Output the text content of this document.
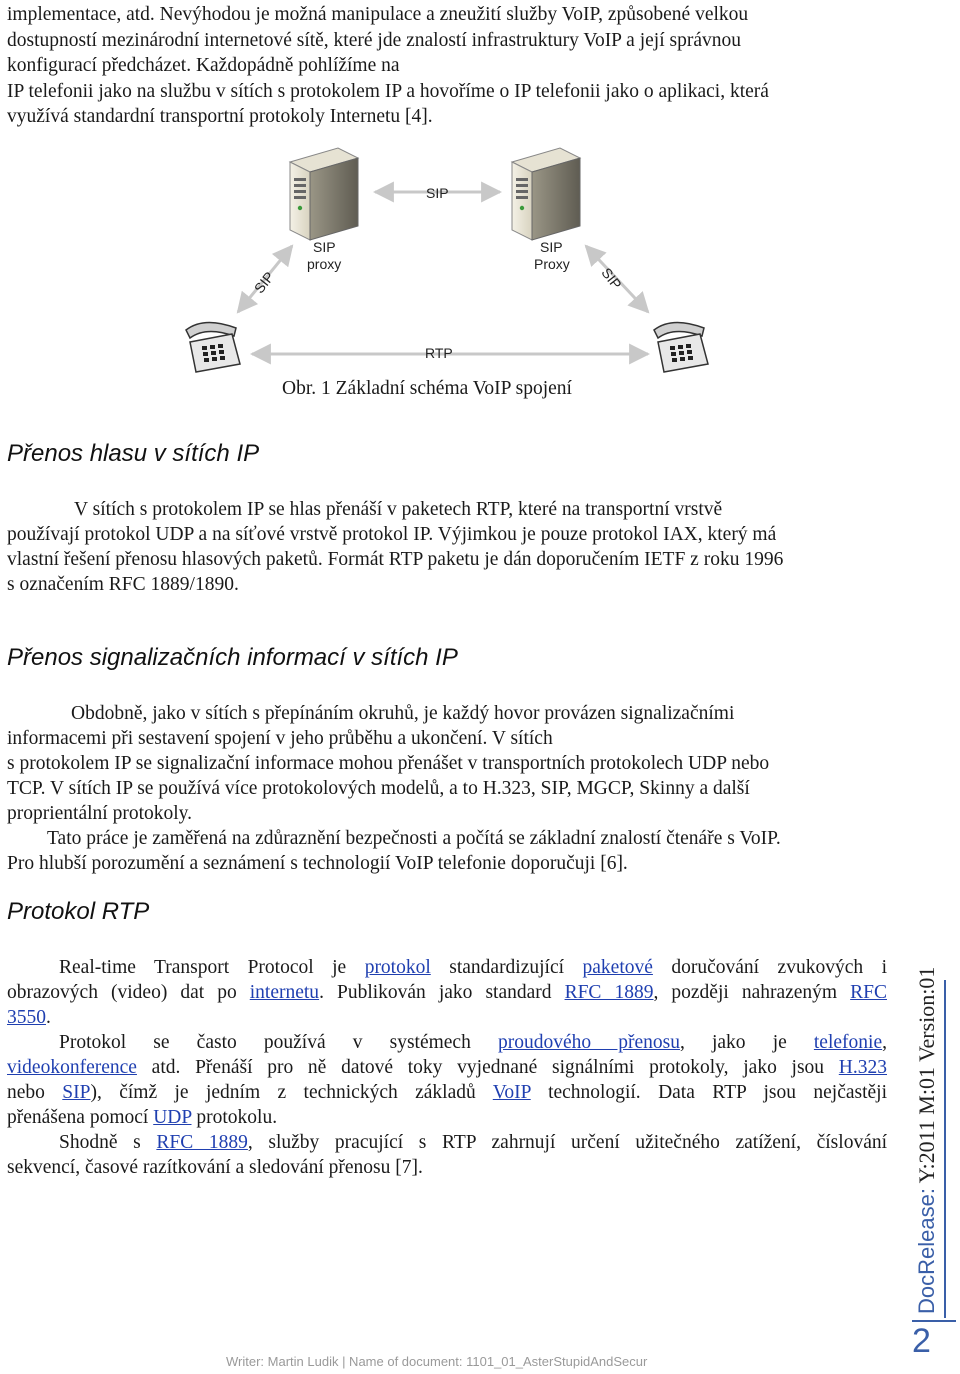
implementace, atd. Nevýhodou je možná manipulace a zneužití služby VoIP, způsobené velkou
dostupností mezinárodní internetové sítě, které jde znalostí infrastruktury VoIP a její správnou
konfigurací předcházet. Každopádně pohlížíme na
IP telefonii jako na službu v sítích s protokolem IP a hovoříme o IP telefonii jako o aplikaci, která
využívá standardní transportní protokoly Internetu [4].
SIP
SIP
proxy
SIP
Proxy
SIP	SIP
RTP
Obr. 1 Základní schéma VoIP spojení
Přenos hlasu v sítích IP
V sítích s protokolem IP se hlas přenáší v paketech RTP, které na transportní vrstvě
používají protokol UDP a na síťové vrstvě protokol IP. Výjimkou je pouze protokol IAX, který má
vlastní řešení přenosu hlasových paketů. Formát RTP paketu je dán doporučením IETF z roku 1996
s označením RFC 1889/1890.
Přenos signalizačních informací v sítích IP
Obdobně, jako v sítích s přepínáním okruhů, je každý hovor provázen signalizačními
informacemi při sestavení spojení v jeho průběhu a ukončení. V sítích
s protokolem IP se signalizační informace mohou přenášet v transportních protokolech UDP nebo
TCP. V sítích IP se používá více protokolových modelů, a to H.323, SIP, MGCP, Skinny a další
proprientální protokoly.
Tato práce je zaměřená na zdůraznění bezpečnosti a počítá se základní znalostí čtenáře s VoIP.
Pro hlubší porozumění a seznámení s technologií VoIP telefonie doporučuji [6].
Protokol RTP
Real-time Transport Protocol je protokol standardizující paketové doručování zvukových i
obrazových (video) dat po internetu. Publikován jako standard RFC 1889, později nahrazeným RFC
3550.
Protokol se často používá v systémech proudového přenosu, jako je telefonie,
videokonference atd. Přenáší pro ně datové toky vyjednané signálními protokoly, jako jsou H.323
nebo SIP), čímž je jedním z technických základů VoIP technologií. Data RTP jsou nejčastěji
přenášena pomocí UDP protokolu.
Shodně s RFC 1889, služby pracující s RTP zahrnují určení užitečného zatížení, číslování
sekvencí, časové razítkování a sledování přenosu [7].
Writer: Martin Ludik | Name of document: 1101_01_AsterStupidAndSecur
DocRelease: Y:2011 M:01 Version:01
2
